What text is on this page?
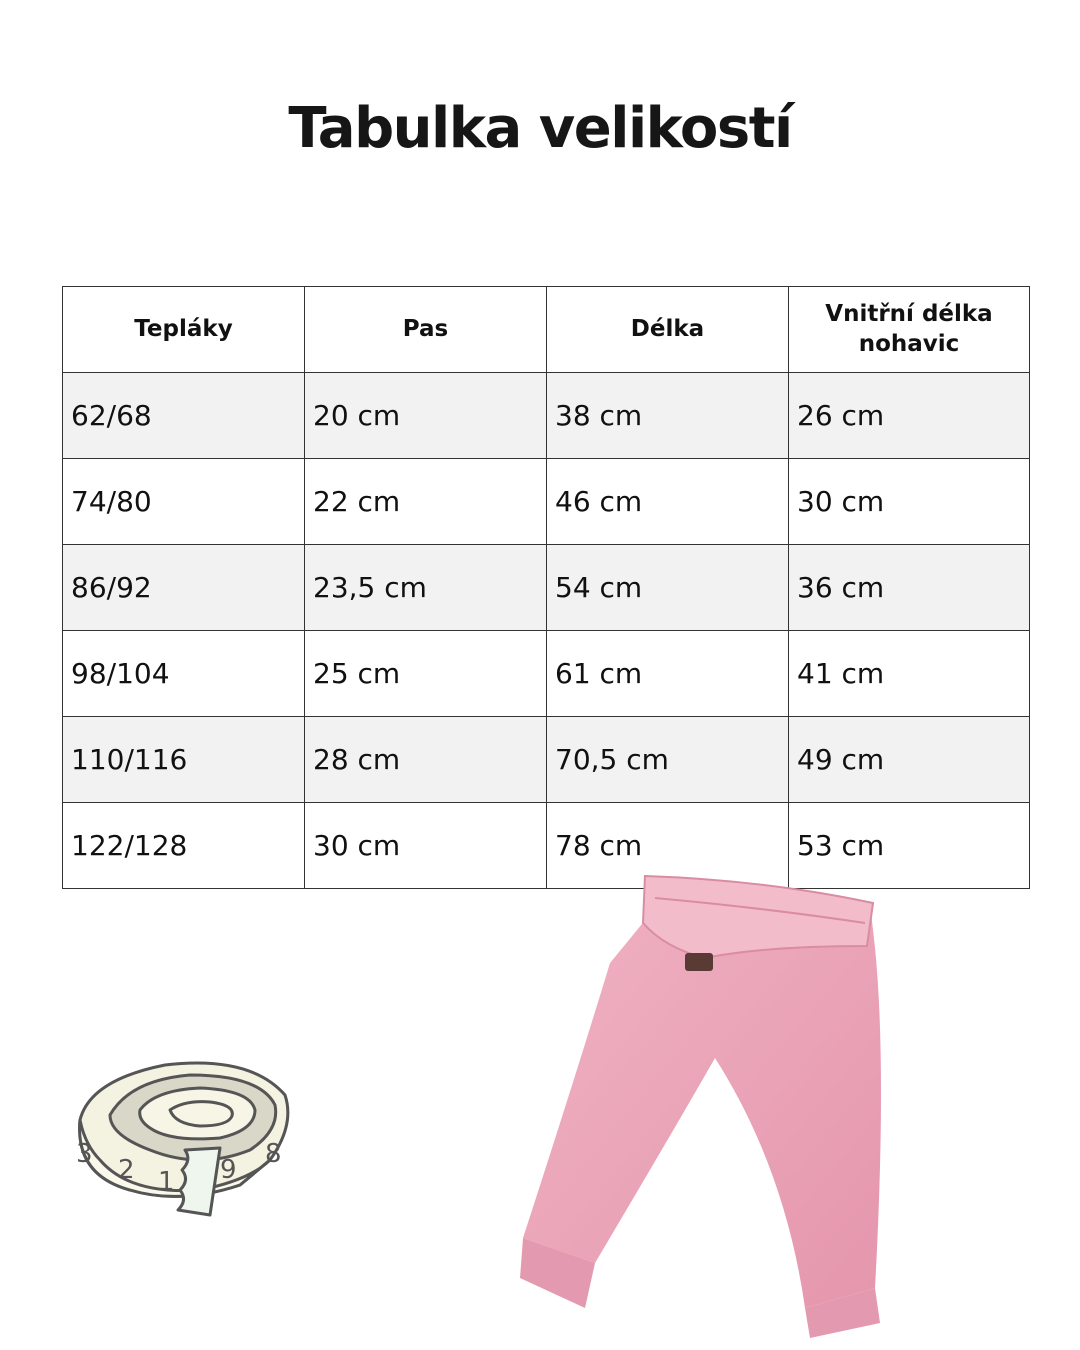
Tabulka velikostí
Tepláky	Pas	Délka	Vnitřní délka
nohavic
62/68	20 cm	38 cm	26 cm
74/80	22 cm	46 cm	30 cm
86/92	23,5 cm	54 cm	36 cm
98/104	25 cm	61 cm	41 cm
110/116	28 cm	70,5 cm	49 cm
122/128	30 cm	78 cm	53 cm
3
2 1 9
8
